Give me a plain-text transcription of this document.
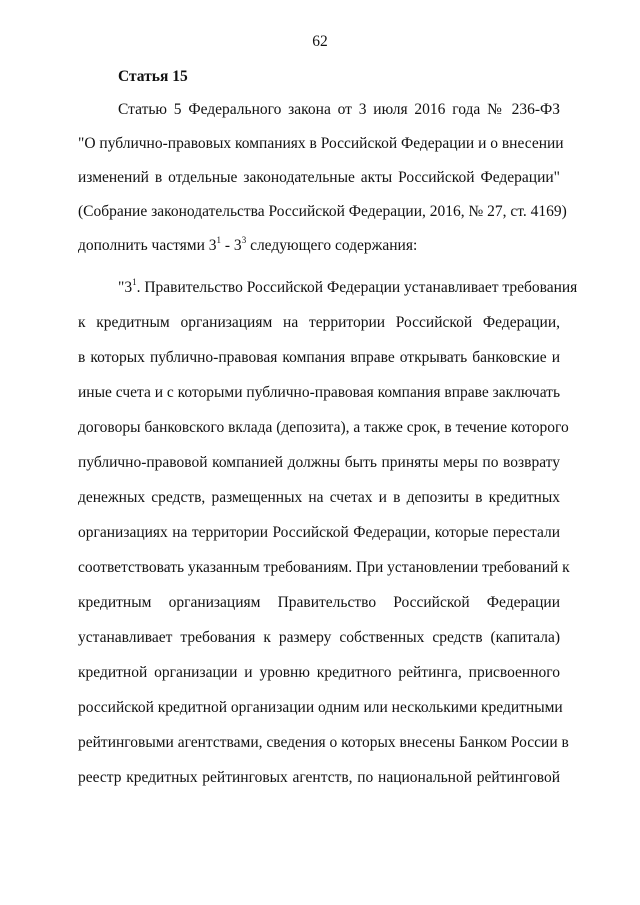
62
Статья 15
Статью 5 Федерального закона от 3 июля 2016 года № 236-ФЗ
"О публично-правовых компаниях в Российской Федерации и о внесении
изменений в отдельные законодательные акты Российской Федерации"
(Собрание законодательства Российской Федерации, 2016, № 27, ст. 4169)
дополнить частями $3^1 - 3^3$ следующего содержания:
"$3^1$. Правительство Российской Федерации устанавливает требования
к кредитным организациям на территории Российской Федерации,
в которых публично-правовая компания вправе открывать банковские и
иные счета и с которыми публично-правовая компания вправе заключать
договоры банковского вклада (депозита), а также срок, в течение которого
публично-правовой компанией должны быть приняты меры по возврату
денежных средств, размещенных на счетах и в депозиты в кредитных
организациях на территории Российской Федерации, которые перестали
соответствовать указанным требованиям. При установлении требований к
кредитным организациям Правительство Российской Федерации
устанавливает требования к размеру собственных средств (капитала)
кредитной организации и уровню кредитного рейтинга, присвоенного
российской кредитной организации одним или несколькими кредитными
рейтинговыми агентствами, сведения о которых внесены Банком России в
реестр кредитных рейтинговых агентств, по национальной рейтинговой
